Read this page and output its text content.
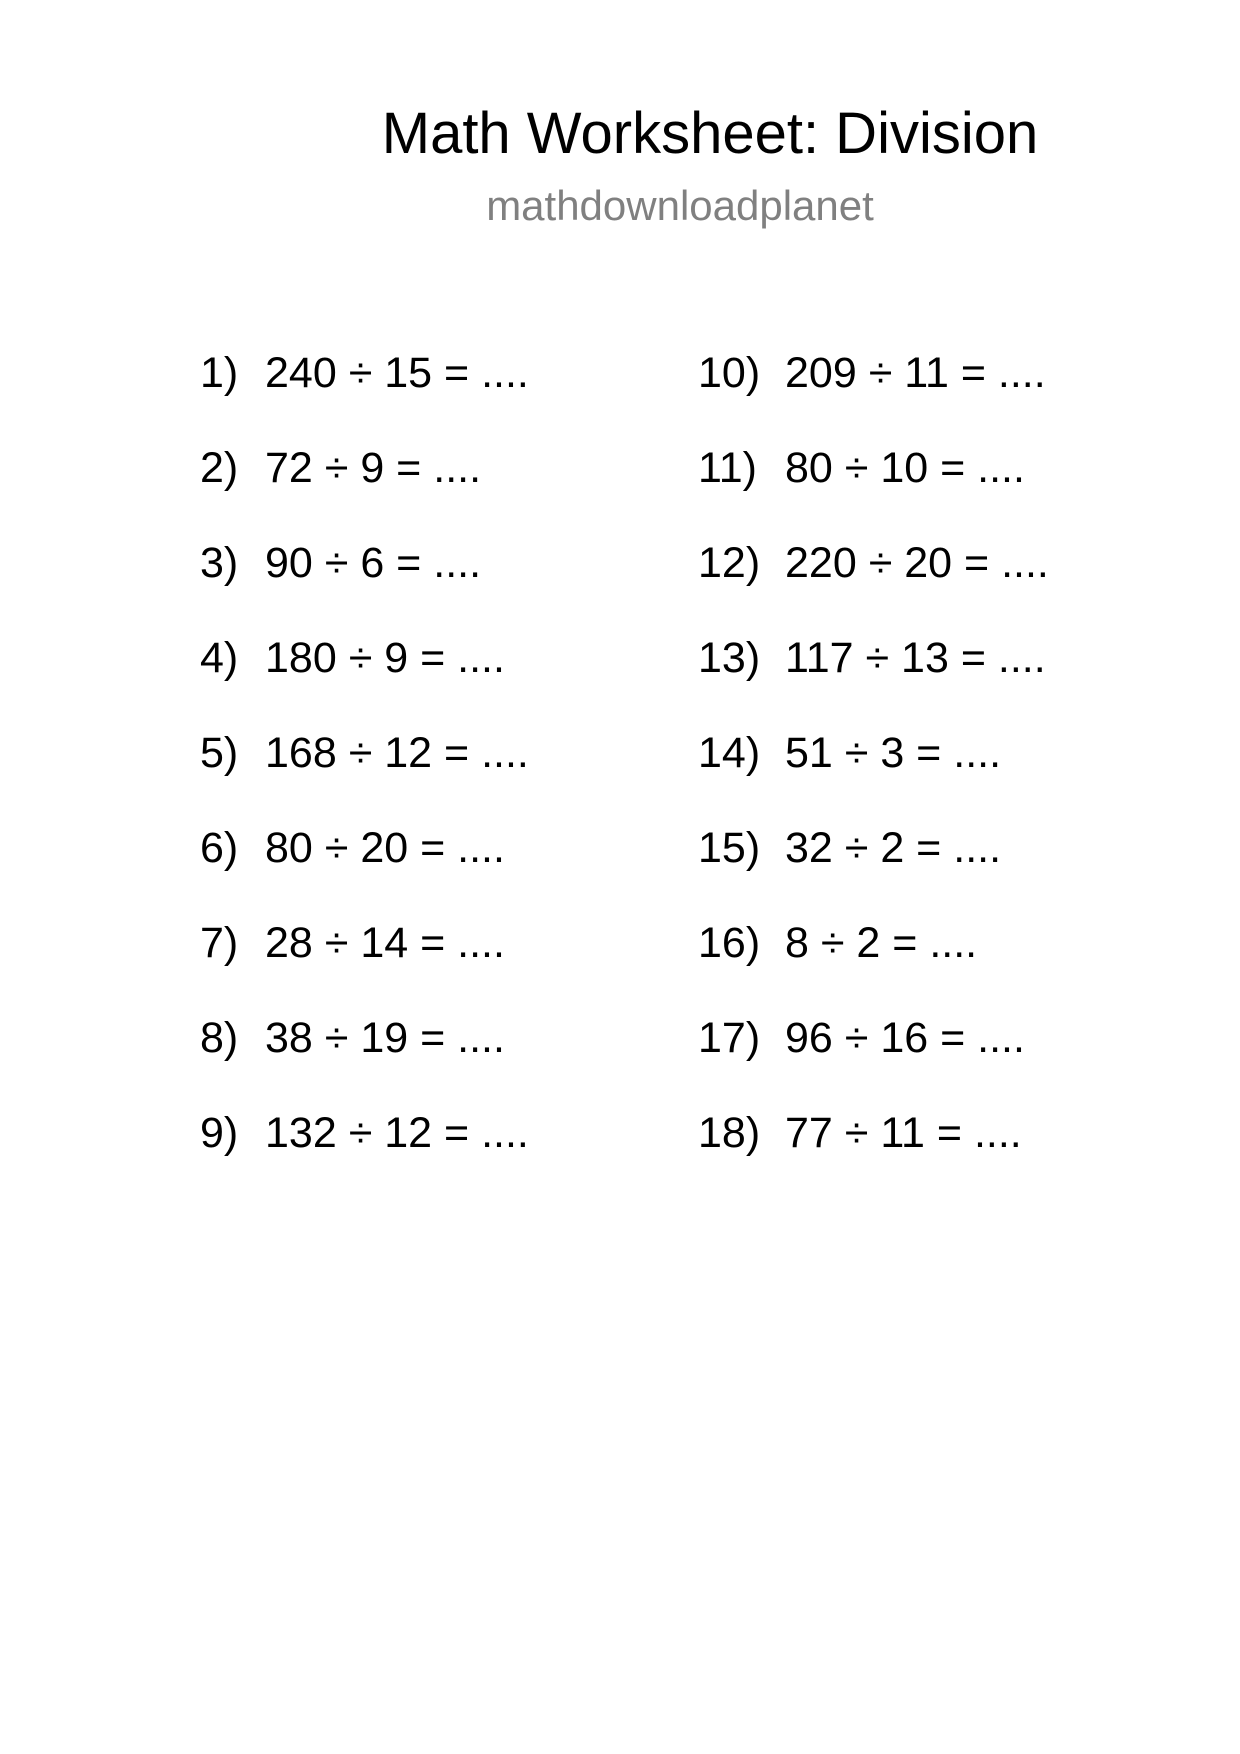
Math Worksheet: Division
mathdownloadplanet
1) 240 ÷ 15 = ....
2) 72 ÷ 9 = ....
3) 90 ÷ 6 = ....
4) 180 ÷ 9 = ....
5) 168 ÷ 12 = ....
6) 80 ÷ 20 = ....
7) 28 ÷ 14 = ....
8) 38 ÷ 19 = ....
9) 132 ÷ 12 = ....
10) 209 ÷ 11 = ....
11) 80 ÷ 10 = ....
12) 220 ÷ 20 = ....
13) 117 ÷ 13 = ....
14) 51 ÷ 3 = ....
15) 32 ÷ 2 = ....
16) 8 ÷ 2 = ....
17) 96 ÷ 16 = ....
18) 77 ÷ 11 = ....
